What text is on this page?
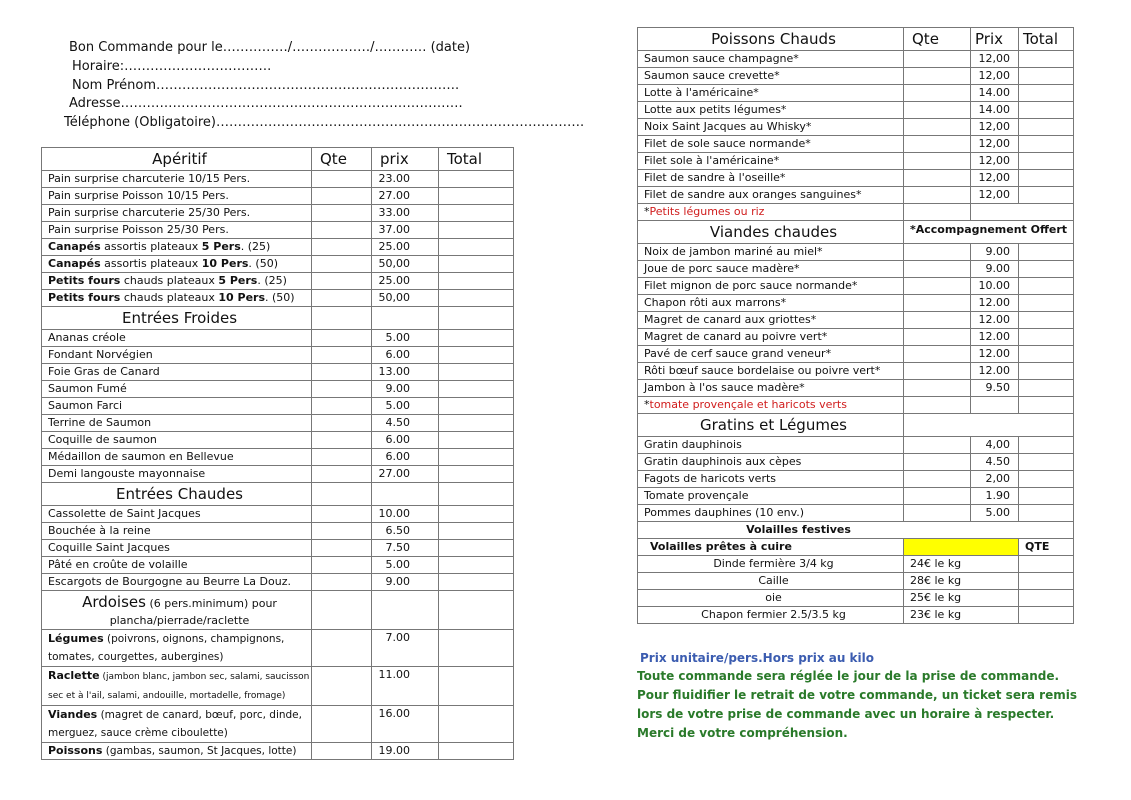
Bon Commande pour le……………/………………/………… (date)
Horaire:…………………………….
Nom Prénom…………………………………………………………….
Adresse…………………………………………………………………….
Téléphone (Obligatoire)………………………………………………………………………….
Apéritif	Qte	prix	Total
Pain surprise charcuterie 10/15 Pers.		23.00	
Pain surprise Poisson 10/15 Pers.		27.00	
Pain surprise charcuterie 25/30 Pers.		33.00	
Pain surprise Poisson 25/30 Pers.		37.00	
Canapés assortis plateaux 5 Pers. (25)		25.00	
Canapés assortis plateaux 10 Pers. (50)		50,00	
Petits fours chauds plateaux 5 Pers. (25)		25.00	
Petits fours chauds plateaux 10 Pers. (50)		50,00	
Entrées Froides			
Ananas créole		5.00	
Fondant Norvégien		6.00	
Foie Gras de Canard		13.00	
Saumon Fumé		9.00	
Saumon Farci		5.00	
Terrine de Saumon		4.50	
Coquille de saumon		6.00	
Médaillon de saumon en Bellevue		6.00	
Demi langouste mayonnaise		27.00	
Entrées Chaudes			
Cassolette de Saint Jacques		10.00	
Bouchée à la reine		6.50	
Coquille Saint Jacques		7.50	
Pâté en croûte de volaille		5.00	
Escargots de Bourgogne au Beurre La Douz.		9.00	
Ardoises (6 pers.minimum) pour
plancha/pierrade/raclette			
Légumes (poivrons, oignons, champignons, tomates, courgettes, aubergines)		7.00	
Raclette (jambon blanc, jambon sec, salami, saucisson sec et à l'ail, salami, andouille, mortadelle, fromage)		11.00	
Viandes (magret de canard, bœuf, porc, dinde, merguez, sauce crème ciboulette)		16.00	
Poissons (gambas, saumon, St Jacques, lotte)		19.00	
Poissons Chauds	Qte	Prix	Total
Saumon sauce champagne*		12,00	
Saumon sauce crevette*		12,00	
Lotte à l'américaine*		14.00	
Lotte aux petits légumes*		14.00	
Noix Saint Jacques au Whisky*		12,00	
Filet de sole sauce normande*		12,00	
Filet sole à l'américaine*		12,00	
Filet de sandre à l'oseille*		12,00	
Filet de sandre aux oranges sanguines*		12,00	
*Petits légumes ou riz			
Viandes chaudes	*Accompagnement Offert		
Noix de jambon mariné au miel*		9.00	
Joue de porc sauce madère*		9.00	
Filet mignon de porc sauce normande*		10.00	
Chapon rôti aux marrons*		12.00	
Magret de canard aux griottes*		12.00	
Magret de canard au poivre vert*		12.00	
Pavé de cerf sauce grand veneur*		12.00	
Rôti bœuf sauce bordelaise ou poivre vert*		12.00	
Jambon à l'os sauce madère*		9.50	
*tomate provençale et haricots verts			
Gratins et Légumes			
Gratin dauphinois		4,00	
Gratin dauphinois aux cèpes		4.50	
Fagots de haricots verts		2,00	
Tomate provençale		1.90	
Pommes dauphines (10 env.)		5.00	
Volailles festives			
Volailles prêtes à cuire			QTE
Dinde fermière 3/4 kg	24€ le kg		
Caille	28€ le kg		
oie	25€ le kg		
Chapon fermier 2.5/3.5 kg	23€ le kg		
Prix unitaire/pers.Hors prix au kilo
Toute commande sera réglée le jour de la prise de commande.
Pour fluidifier le retrait de votre commande, un ticket sera remis
lors de votre prise de commande avec un horaire à respecter.
Merci de votre compréhension.
